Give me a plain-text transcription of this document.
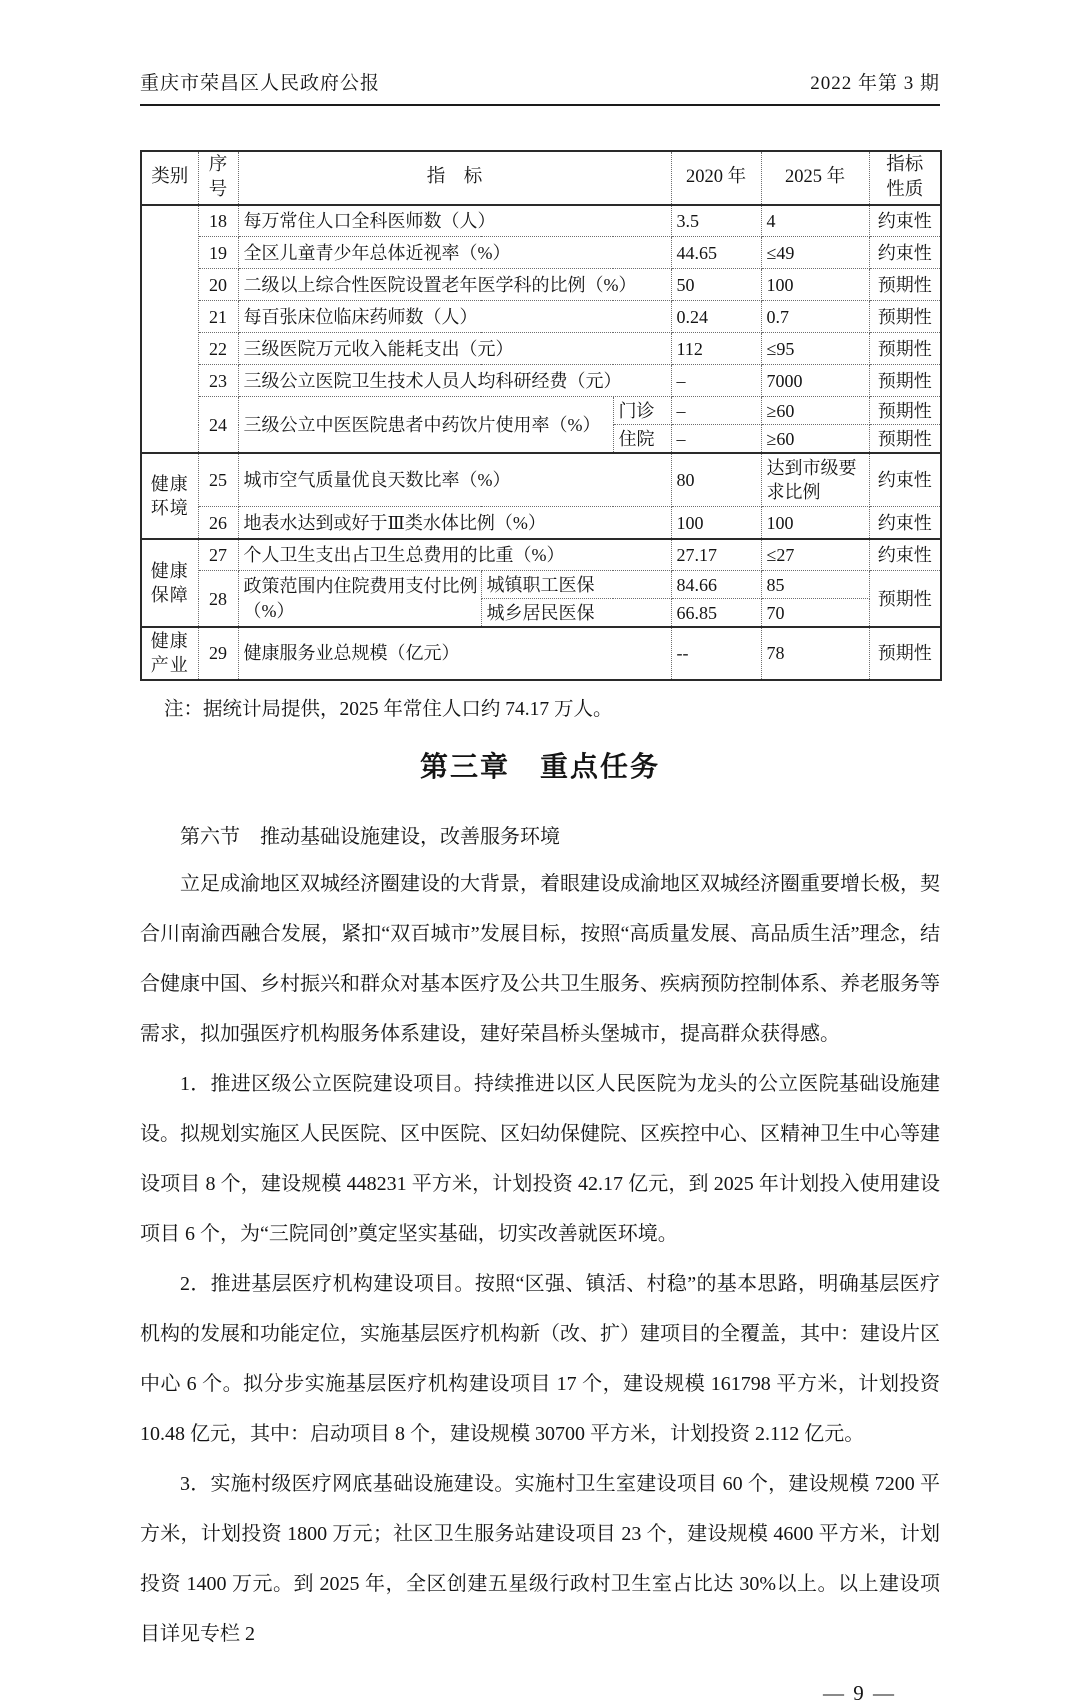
重庆市荣昌区人民政府公报	2022 年第 3 期
类别	序号	指　标			2020 年	2025 年	指标
性质

	18	每万常住人口全科医师数（人）			3.5	4	约束性
	19	全区儿童青少年总体近视率（%）			44.65	≤49	约束性
	20	二级以上综合性医院设置老年医学科的比例（%）			50	100	预期性
	21	每百张床位临床药师数（人）			0.24	0.7	预期性
	22	三级医院万元收入能耗支出（元）			112	≤95	预期性
	23	三级公立医院卫生技术人员人均科研经费（元）			–	7000	预期性
	24	三级公立中医医院患者中药饮片使用率（%）		门诊	–	≥60	预期性
				住院	–	≥60	预期性
健康环境	25	城市空气质量优良天数比率（%）			80	达到市级要求比例	约束性
	26	地表水达到或好于Ⅲ类水体比例（%）			100	100	约束性
健康保障	27	个人卫生支出占卫生总费用的比重（%）			27.17	≤27	约束性
	28	政策范围内住院费用支付比例（%）	城镇职工医保		84.66	85	预期性
			城乡居民医保		66.85	70	
健康产业	29	健康服务业总规模（亿元）			--	78	预期性
注：据统计局提供，2025 年常住人口约 74.17 万人。
第三章　重点任务

第六节　推动基础设施建设，改善服务环境

立足成渝地区双城经济圈建设的大背景，着眼建设成渝地区双城经济圈重要增长极，契合川南渝西融合发展，紧扣“双百城市”发展目标，按照“高质量发展、高品质生活”理念，结合健康中国、乡村振兴和群众对基本医疗及公共卫生服务、疾病预防控制体系、养老服务等需求，拟加强医疗机构服务体系建设，建好荣昌桥头堡城市，提高群众获得感。

1．推进区级公立医院建设项目。持续推进以区人民医院为龙头的公立医院基础设施建设。拟规划实施区人民医院、区中医院、区妇幼保健院、区疾控中心、区精神卫生中心等建设项目 8 个，建设规模 448231 平方米，计划投资 42.17 亿元，到 2025 年计划投入使用建设项目 6 个，为“三院同创”奠定坚实基础，切实改善就医环境。

2．推进基层医疗机构建设项目。按照“区强、镇活、村稳”的基本思路，明确基层医疗机构的发展和功能定位，实施基层医疗机构新（改、扩）建项目的全覆盖，其中：建设片区中心 6 个。拟分步实施基层医疗机构建设项目 17 个，建设规模 161798 平方米，计划投资 10.48 亿元，其中：启动项目 8 个，建设规模 30700 平方米，计划投资 2.112 亿元。

3．实施村级医疗网底基础设施建设。实施村卫生室建设项目 60 个，建设规模 7200 平方米，计划投资 1800 万元；社区卫生服务站建设项目 23 个，建设规模 4600 平方米，计划投资 1400 万元。到 2025 年，全区创建五星级行政村卫生室占比达 30%以上。以上建设项目详见专栏 2

— 9 —
